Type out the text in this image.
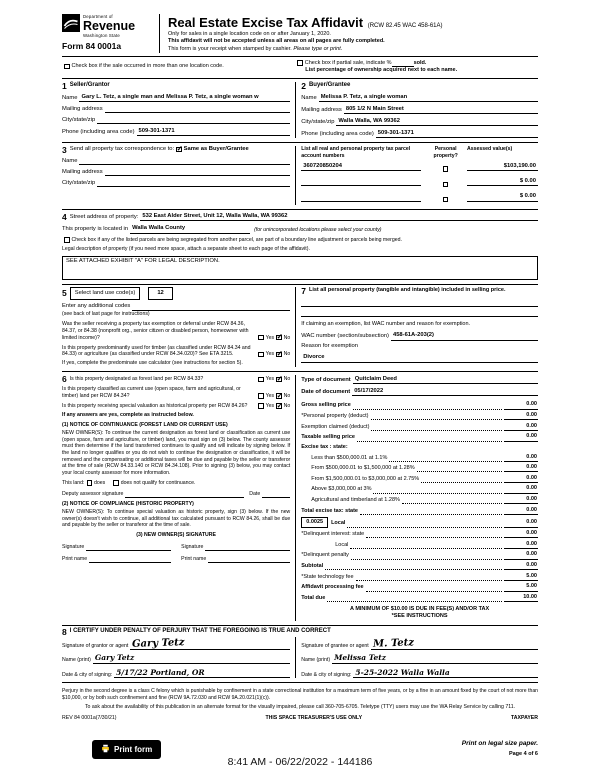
Department of
Revenue
Washington State
Form 84 0001a
Real Estate Excise Tax Affidavit (RCW 82.45 WAC 458-61A)
Only for sales in a single location code on or after January 1, 2020.
This affidavit will not be accepted unless all areas on all pages are fully completed.
This form is your receipt when stamped by cashier. Please type or print.
Check box if the sale occurred in more than one location code.
Check box if partial sale, indicate %	sold.
List percentage of ownership acquired next to each name.
1 Seller/Grantor
Name Gary L. Tetz, a single man and Melissa P. Tetz, a single woman w
Mailing address
City/state/zip
Phone (including area code) 509-301-1371
2 Buyer/Grantee
Name Melissa P. Tetz, a single woman
Mailing address 805 1/2 N Main Street
City/state/zip Walla Walla, WA 99362
Phone (including area code) 509-301-1371
3 Send all property tax correspondence to: ✓ Same as Buyer/Grantee
Name
Mailing address
City/state/zip
List all real and personal property tax parcel account numbers
Personal property?
Assessed value(s)
360720850204	$103,190.00
$ 0.00
$ 0.00
4 Street address of property: 532 East Alder Street, Unit 12, Walla Walla, WA 99362
This property is located in Walla Walla County	(for unincorporated locations please select your county)
Check box if any of the listed parcels are being segregated from another parcel, are part of a boundary line adjustment or parcels being merged.
Legal description of property (if you need more space, attach a separate sheet to each page of the affidavit).
SEE ATTACHED EXHIBIT "A" FOR LEGAL DESCRIPTION.
5	Select land use code(s)	12
Enter any additional codes
(see back of last page for instructions)
Was the seller receiving a property tax exemption or deferral under RCW 84.36, 84.37, or 84.38 (nonprofit org., senior citizen or disabled person, homeowner with limited income)?	Yes ✓ No
Is this property predominantly used for timber (as classified under RCW 84.34 and 84.33) or agriculture (as classified under RCW 84.34.020)? See ETA 3215.	Yes ✓ No
If yes, complete the predominate use calculator (see instructions for section 5).
7 List all personal property (tangible and intangible) included in selling price.
If claiming an exemption, list WAC number and reason for exemption.
WAC number (section/subsection) 458-61A-203(2)
Reason for exemption
Divorce
6 Is this property designated as forest land per RCW 84.33?	Yes ✓ No
Is this property classified as current use (open space, farm and agricultural, or timber) land per RCW 84.34?	Yes ✓ No
Is this property receiving special valuation as historical property per RCW 84.26?	Yes ✓ No
If any answers are yes, complete as instructed below.
(1) NOTICE OF CONTINUANCE (FOREST LAND OR CURRENT USE)
NEW OWNER(S): To continue the current designation as forest land or classification as current use (open space, farm and agriculture, or timber) land, you must sign on (3) below. The county assessor must then determine if the land transferred continues to qualify and will indicate by signing below. If the land no longer qualifies or you do not wish to continue the designation or classification, it will be removed and the compensating or additional taxes will be due and payable by the seller or transferor at the time of sale (RCW 84.33.140 or RCW 84.34.108). Prior to signing (3) below, you may contact your local county assessor for more information.
This land: does	does not qualify for continuance.
Deputy assessor signature	Date
(2) NOTICE OF COMPLIANCE (HISTORIC PROPERTY)
NEW OWNER(S): To continue special valuation as historic property, sign (3) below. If the new owner(s) doesn't wish to continue, all additional tax calculated pursuant to RCW 84.26, shall be due and payable by the seller or transferor at the time of sale.
(3) NEW OWNER(S) SIGNATURE
Signature	Signature
Print name	Print name
Type of document Quitclaim Deed
Date of document 05/17/2022
Gross selling price	0.00
*Personal property (deduct)	0.00
Exemption claimed (deduct)	0.00
Taxable selling price	0.00
Excise tax : state:
Less than $500,000.01 at 1.1%	0.00
From $500,000.01 to $1,500,000 at 1.28%	0.00
From $1,500,000.01 to $3,000,000 at 2.75%	0.00
Above $3,000,000 at 3%	0.00
Agricultural and timberland at 1.28%	0.00
Total excise tax: state	0.00
0.0025	Local	0.00
*Delinquent interest: state	0.00
Local	0.00
*Delinquent penalty	0.00
Subtotal	0.00
*State technology fee	5.00
Affidavit processing fee	5.00
Total due	10.00
A MINIMUM OF $10.00 IS DUE IN FEE(S) AND/OR TAX
*SEE INSTRUCTIONS
8 I CERTIFY UNDER PENALTY OF PERJURY THAT THE FOREGOING IS TRUE AND CORRECT
Signature of grantor or agent Gary Tetz
Name (print) Gary Tetz
Date & city of signing: 5/17/22 Portland, OR
Signature of grantee or agent M. Tetz
Name (print) Melissa Tetz
Date & city of signing: 5-25-2022 Walla Walla
Perjury in the second degree is a class C felony which is punishable by confinement in a state correctional institution for a maximum term of five years, or by a fine in an amount fixed by the court of not more than $10,000, or by both such confinement and fine (RCW 9A.72.030 and RCW 9A.20.021(1)(c)).
To ask about the availability of this publication in an alternate format for the visually impaired, please call 360-705-6705. Teletype (TTY) users may use the WA Relay Service by calling 711.
REV 84 0001a(7/30/21)	THIS SPACE TREASURER'S USE ONLY	TAXPAYER
Print form
Print on legal size paper.
Page 4 of 6
8:41 AM - 06/22/2022 - 144186
